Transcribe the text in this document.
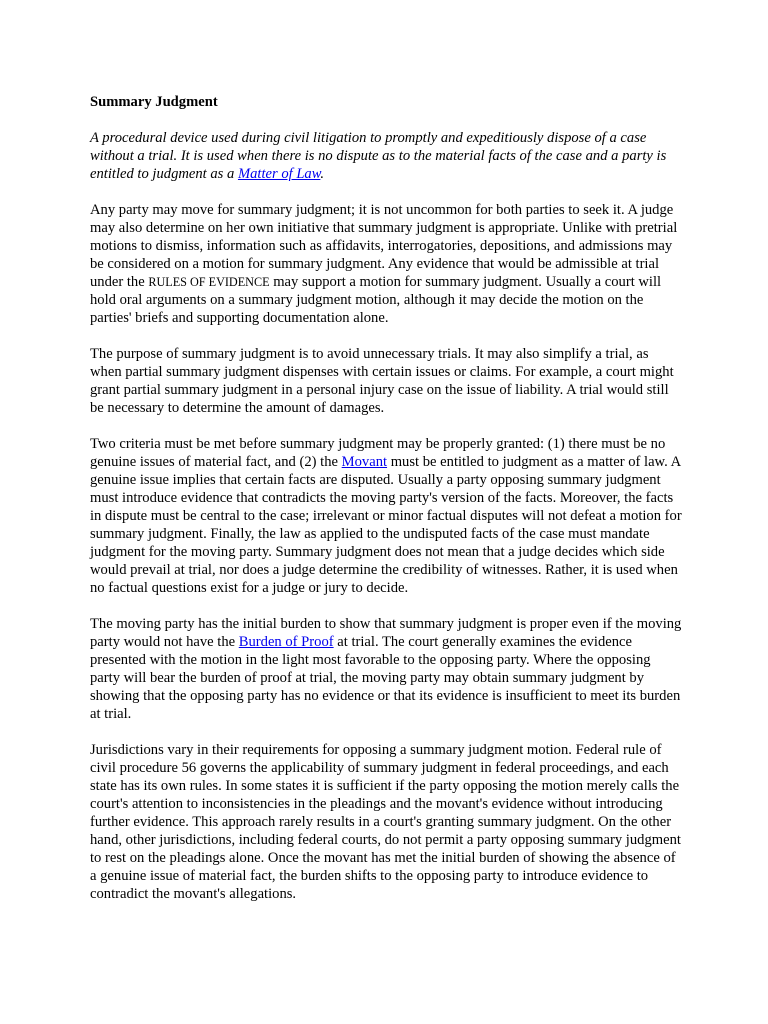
Summary Judgment

A procedural device used during civil litigation to promptly and expeditiously dispose of a case without a trial. It is used when there is no dispute as to the material facts of the case and a party is entitled to judgment as a Matter of Law.

Any party may move for summary judgment; it is not uncommon for both parties to seek it. A judge may also determine on her own initiative that summary judgment is appropriate. Unlike with pretrial motions to dismiss, information such as affidavits, interrogatories, depositions, and admissions may be considered on a motion for summary judgment. Any evidence that would be admissible at trial under the RULES OF EVIDENCE may support a motion for summary judgment. Usually a court will hold oral arguments on a summary judgment motion, although it may decide the motion on the parties' briefs and supporting documentation alone.

The purpose of summary judgment is to avoid unnecessary trials. It may also simplify a trial, as when partial summary judgment dispenses with certain issues or claims. For example, a court might grant partial summary judgment in a personal injury case on the issue of liability. A trial would still be necessary to determine the amount of damages.

Two criteria must be met before summary judgment may be properly granted: (1) there must be no genuine issues of material fact, and (2) the Movant must be entitled to judgment as a matter of law. A genuine issue implies that certain facts are disputed. Usually a party opposing summary judgment must introduce evidence that contradicts the moving party's version of the facts. Moreover, the facts in dispute must be central to the case; irrelevant or minor factual disputes will not defeat a motion for summary judgment. Finally, the law as applied to the undisputed facts of the case must mandate judgment for the moving party. Summary judgment does not mean that a judge decides which side would prevail at trial, nor does a judge determine the credibility of witnesses. Rather, it is used when no factual questions exist for a judge or jury to decide.

The moving party has the initial burden to show that summary judgment is proper even if the moving party would not have the Burden of Proof at trial. The court generally examines the evidence presented with the motion in the light most favorable to the opposing party. Where the opposing party will bear the burden of proof at trial, the moving party may obtain summary judgment by showing that the opposing party has no evidence or that its evidence is insufficient to meet its burden at trial.

Jurisdictions vary in their requirements for opposing a summary judgment motion. Federal rule of civil procedure 56 governs the applicability of summary judgment in federal proceedings, and each state has its own rules. In some states it is sufficient if the party opposing the motion merely calls the court's attention to inconsistencies in the pleadings and the movant's evidence without introducing further evidence. This approach rarely results in a court's granting summary judgment. On the other hand, other jurisdictions, including federal courts, do not permit a party opposing summary judgment to rest on the pleadings alone. Once the movant has met the initial burden of showing the absence of a genuine issue of material fact, the burden shifts to the opposing party to introduce evidence to contradict the movant's allegations.
